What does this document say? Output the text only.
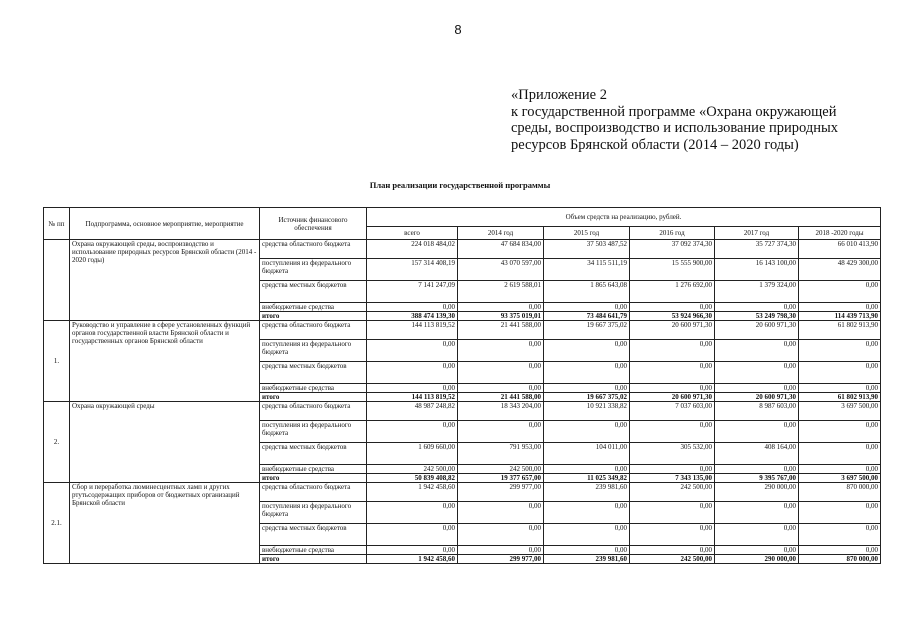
8
«Приложение 2
к государственной программе «Охрана окружающей
среды, воспроизводство и использование природных
ресурсов Брянской области (2014 – 2020 годы)
План реализации государственной программы
№ пп	Подпрограмма, основное мероприятие, мероприятие	Источник финансового обеспечения	Объем средств на реализацию, рублей.					
			всего	2014 год	2015 год	2016 год	2017 год	2018 -2020 годы
	Охрана окружающей среды, воспроизводство и использование природных ресурсов Брянской области (2014 - 2020 годы)	средства областного бюджета	224 018 484,02	47 684 834,00	37 503 487,52	37 092 374,30	35 727 374,30	66 010 413,90
		поступления из федерального бюджета	157 314 408,19	43 070 597,00	34 115 511,19	15 555 900,00	16 143 100,00	48 429 300,00
		средства местных бюджетов	7 141 247,09	2 619 588,01	1 865 643,08	1 276 692,00	1 379 324,00	0,00
		внебюджетные средства	0,00	0,00	0,00	0,00	0,00	0,00
		итого	388 474 139,30	93 375 019,01	73 484 641,79	53 924 966,30	53 249 798,30	114 439 713,90
1.	Руководство и управление в сфере установленных функций органов государственной власти Брянской области и государственных органов Брянской области	средства областного бюджета	144 113 819,52	21 441 588,00	19 667 375,02	20 600 971,30	20 600 971,30	61 802 913,90
		поступления из федерального бюджета	0,00	0,00	0,00	0,00	0,00	0,00
		средства местных бюджетов	0,00	0,00	0,00	0,00	0,00	0,00
		внебюджетные средства	0,00	0,00	0,00	0,00	0,00	0,00
		итого	144 113 819,52	21 441 588,00	19 667 375,02	20 600 971,30	20 600 971,30	61 802 913,90
2.	Охрана окружающей среды	средства областного бюджета	48 987 248,82	18 343 204,00	10 921 338,82	7 037 603,00	8 987 603,00	3 697 500,00
		поступления из федерального бюджета	0,00	0,00	0,00	0,00	0,00	0,00
		средства местных бюджетов	1 609 660,00	791 953,00	104 011,00	305 532,00	408 164,00	0,00
		внебюджетные средства	242 500,00	242 500,00	0,00	0,00	0,00	0,00
		итого	50 839 408,82	19 377 657,00	11 025 349,82	7 343 135,00	9 395 767,00	3 697 500,00
2.1.	Сбор и переработка люминесцентных ламп и других ртутьсодержащих приборов от бюджетных организаций Брянской области	средства областного бюджета	1 942 458,60	299 977,00	239 981,60	242 500,00	290 000,00	870 000,00
		поступления из федерального бюджета	0,00	0,00	0,00	0,00	0,00	0,00
		средства местных бюджетов	0,00	0,00	0,00	0,00	0,00	0,00
		внебюджетные средства	0,00	0,00	0,00	0,00	0,00	0,00
		итого	1 942 458,60	299 977,00	239 981,60	242 500,00	290 000,00	870 000,00
